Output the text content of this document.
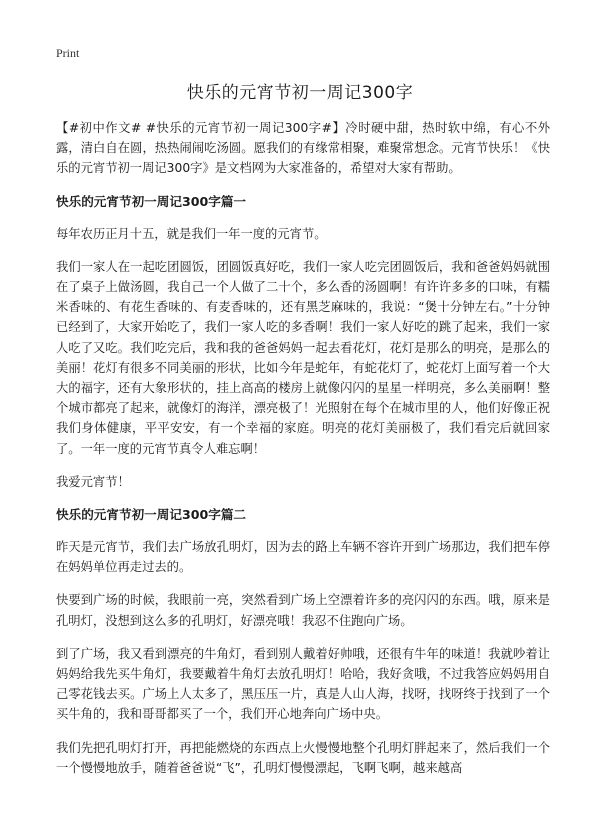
Print
快乐的元宵节初一周记300字

【#初中作文# #快乐的元宵节初一周记300字#】冷时硬中甜，热时软中绵，有心不外露，清白自在圆，热热闹闹吃汤圆。愿我们的有缘常相聚，难聚常想念。元宵节快乐！《快乐的元宵节初一周记300字》是文档网为大家准备的，希望对大家有帮助。

快乐的元宵节初一周记300字篇一

每年农历正月十五，就是我们一年一度的元宵节。

我们一家人在一起吃团圆饭，团圆饭真好吃，我们一家人吃完团圆饭后，我和爸爸妈妈就围在了桌子上做汤圆，我自己一个人做了二十个，多么香的汤圆啊！有许许多多的口味，有糯米香味的、有花生香味的、有麦香味的，还有黑芝麻味的，我说：“煲十分钟左右。”十分钟已经到了，大家开始吃了，我们一家人吃的多香啊！我们一家人好吃的跳了起来，我们一家人吃了又吃。我们吃完后，我和我的爸爸妈妈一起去看花灯，花灯是那么的明亮，是那么的美丽！花灯有很多不同美丽的形状，比如今年是蛇年，有蛇花灯了，蛇花灯上面写着一个大大的福字，还有大象形状的，挂上高高的楼房上就像闪闪的星星一样明亮，多么美丽啊！整个城市都亮了起来，就像灯的海洋，漂亮极了！光照射在每个在城市里的人，他们好像正祝我们身体健康，平平安安，有一个幸福的家庭。明亮的花灯美丽极了，我们看完后就回家了。一年一度的元宵节真令人难忘啊！

我爱元宵节！

快乐的元宵节初一周记300字篇二

昨天是元宵节，我们去广场放孔明灯，因为去的路上车辆不容许开到广场那边，我们把车停在妈妈单位再走过去的。

快要到广场的时候，我眼前一亮，突然看到广场上空漂着许多的亮闪闪的东西。哦，原来是孔明灯，没想到这么多的孔明灯，好漂亮哦！我忍不住跑向广场。

到了广场，我又看到漂亮的牛角灯，看到别人戴着好帅哦，还很有牛年的味道！我就吵着让妈妈给我先买牛角灯，我要戴着牛角灯去放孔明灯！哈哈，我好贪哦，不过我答应妈妈用自己零花钱去买。广场上人太多了，黑压压一片，真是人山人海，找呀，找呀终于找到了一个买牛角的，我和哥哥都买了一个，我们开心地奔向广场中央。

我们先把孔明灯打开，再把能燃烧的东西点上火慢慢地整个孔明灯胖起来了，然后我们一个一个慢慢地放手，随着爸爸说“飞”，孔明灯慢慢漂起，飞啊飞啊，越来越高
